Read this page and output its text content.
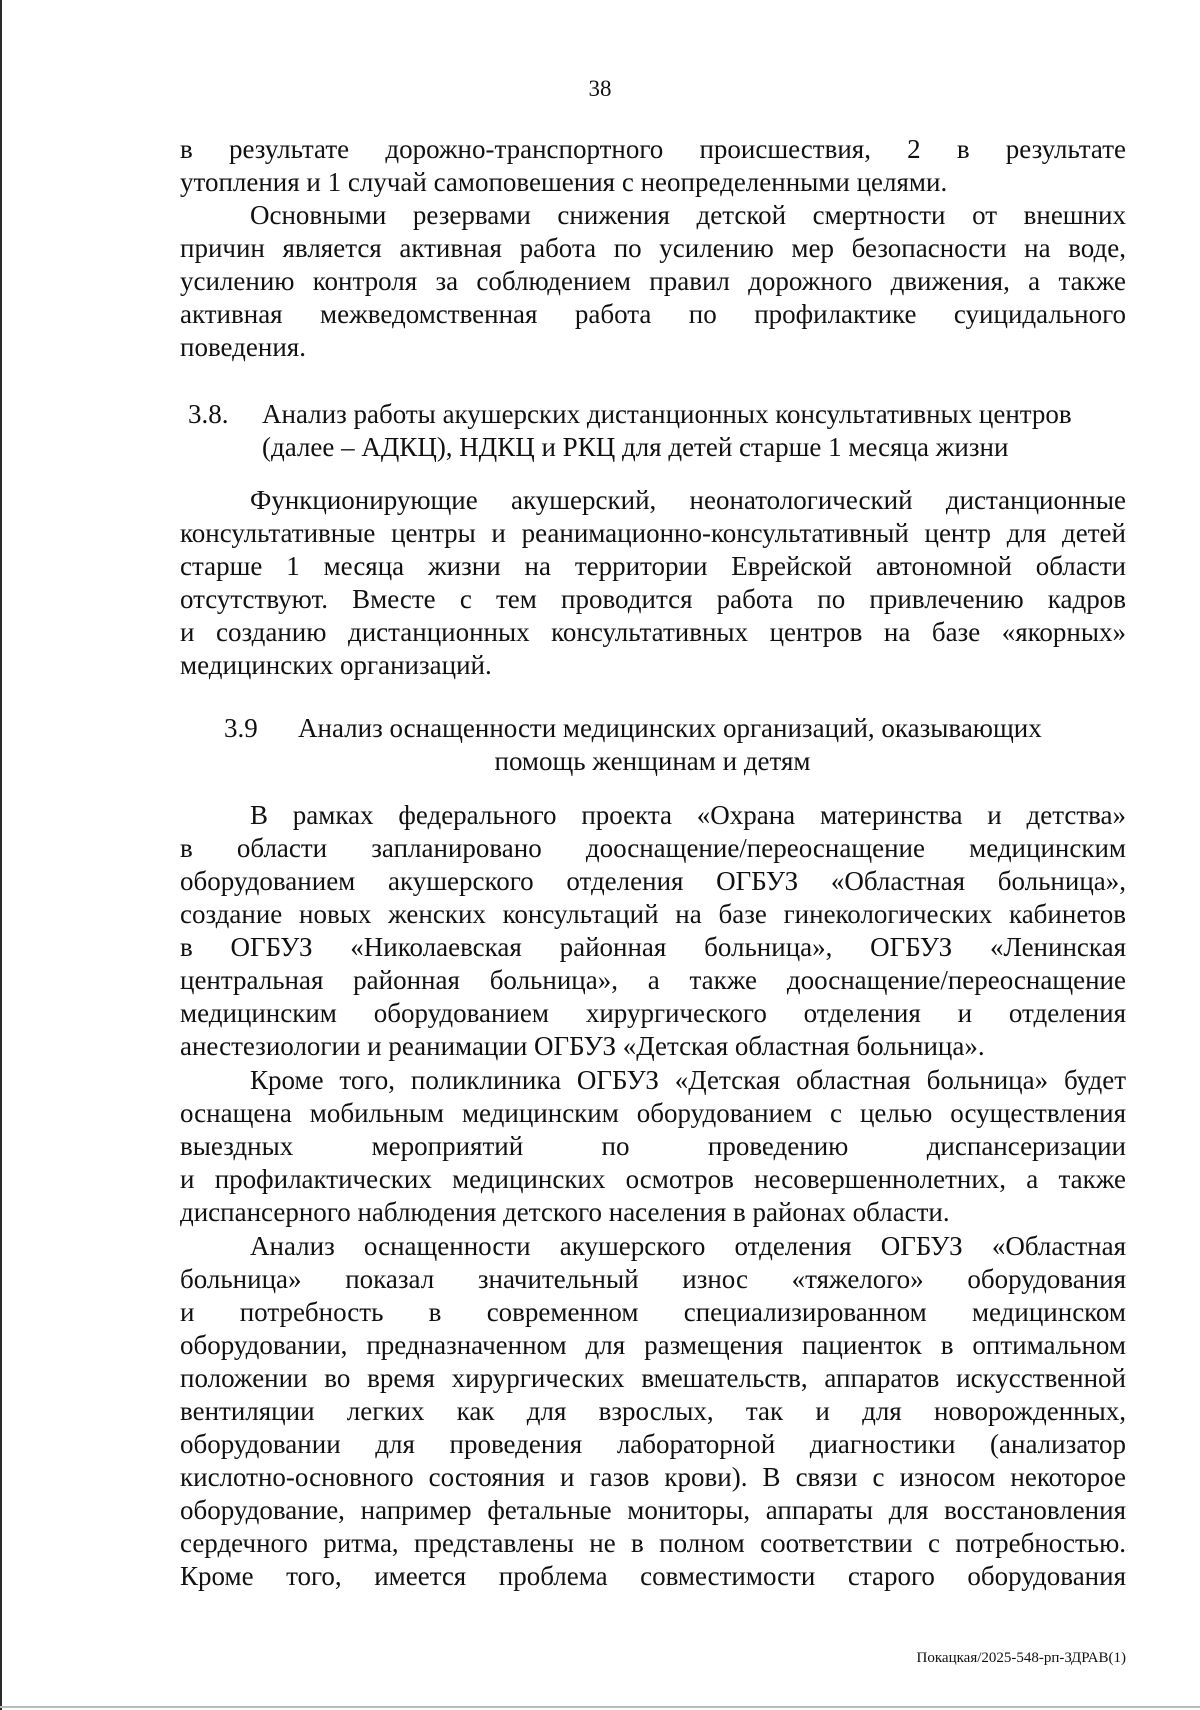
38
в результате дорожно-транспортного происшествия, 2 в результате
утопления и 1 случай самоповешения с неопределенными целями.
Основными резервами снижения детской смертности от внешних
причин является активная работа по усилению мер безопасности на воде,
усилению контроля за соблюдением правил дорожного движения, а также
активная межведомственная работа по профилактике суицидального
поведения.
3.8. Анализ работы акушерских дистанционных консультативных центров
(далее – АДКЦ), НДКЦ и РКЦ для детей старше 1 месяца жизни
Функционирующие акушерский, неонатологический дистанционные
консультативные центры и реанимационно-консультативный центр для детей
старше 1 месяца жизни на территории Еврейской автономной области
отсутствуют. Вместе с тем проводится работа по привлечению кадров
и созданию дистанционных консультативных центров на базе «якорных»
медицинских организаций.
3.9 Анализ оснащенности медицинских организаций, оказывающих
помощь женщинам и детям
В рамках федерального проекта «Охрана материнства и детства»
в области запланировано дооснащение/переоснащение медицинским
оборудованием акушерского отделения ОГБУЗ «Областная больница»,
создание новых женских консультаций на базе гинекологических кабинетов
в ОГБУЗ «Николаевская районная больница», ОГБУЗ «Ленинская
центральная районная больница», а также дооснащение/переоснащение
медицинским оборудованием хирургического отделения и отделения
анестезиологии и реанимации ОГБУЗ «Детская областная больница».
Кроме того, поликлиника ОГБУЗ «Детская областная больница» будет
оснащена мобильным медицинским оборудованием с целью осуществления
выездных мероприятий по проведению диспансеризации
и профилактических медицинских осмотров несовершеннолетних, а также
диспансерного наблюдения детского населения в районах области.
Анализ оснащенности акушерского отделения ОГБУЗ «Областная
больница» показал значительный износ «тяжелого» оборудования
и потребность в современном специализированном медицинском
оборудовании, предназначенном для размещения пациенток в оптимальном
положении во время хирургических вмешательств, аппаратов искусственной
вентиляции легких как для взрослых, так и для новорожденных,
оборудовании для проведения лабораторной диагностики (анализатор
кислотно-основного состояния и газов крови). В связи с износом некоторое
оборудование, например фетальные мониторы, аппараты для восстановления
сердечного ритма, представлены не в полном соответствии с потребностью.
Кроме того, имеется проблема совместимости старого оборудования
Покацкая/2025-548-рп-ЗДРАВ(1)
